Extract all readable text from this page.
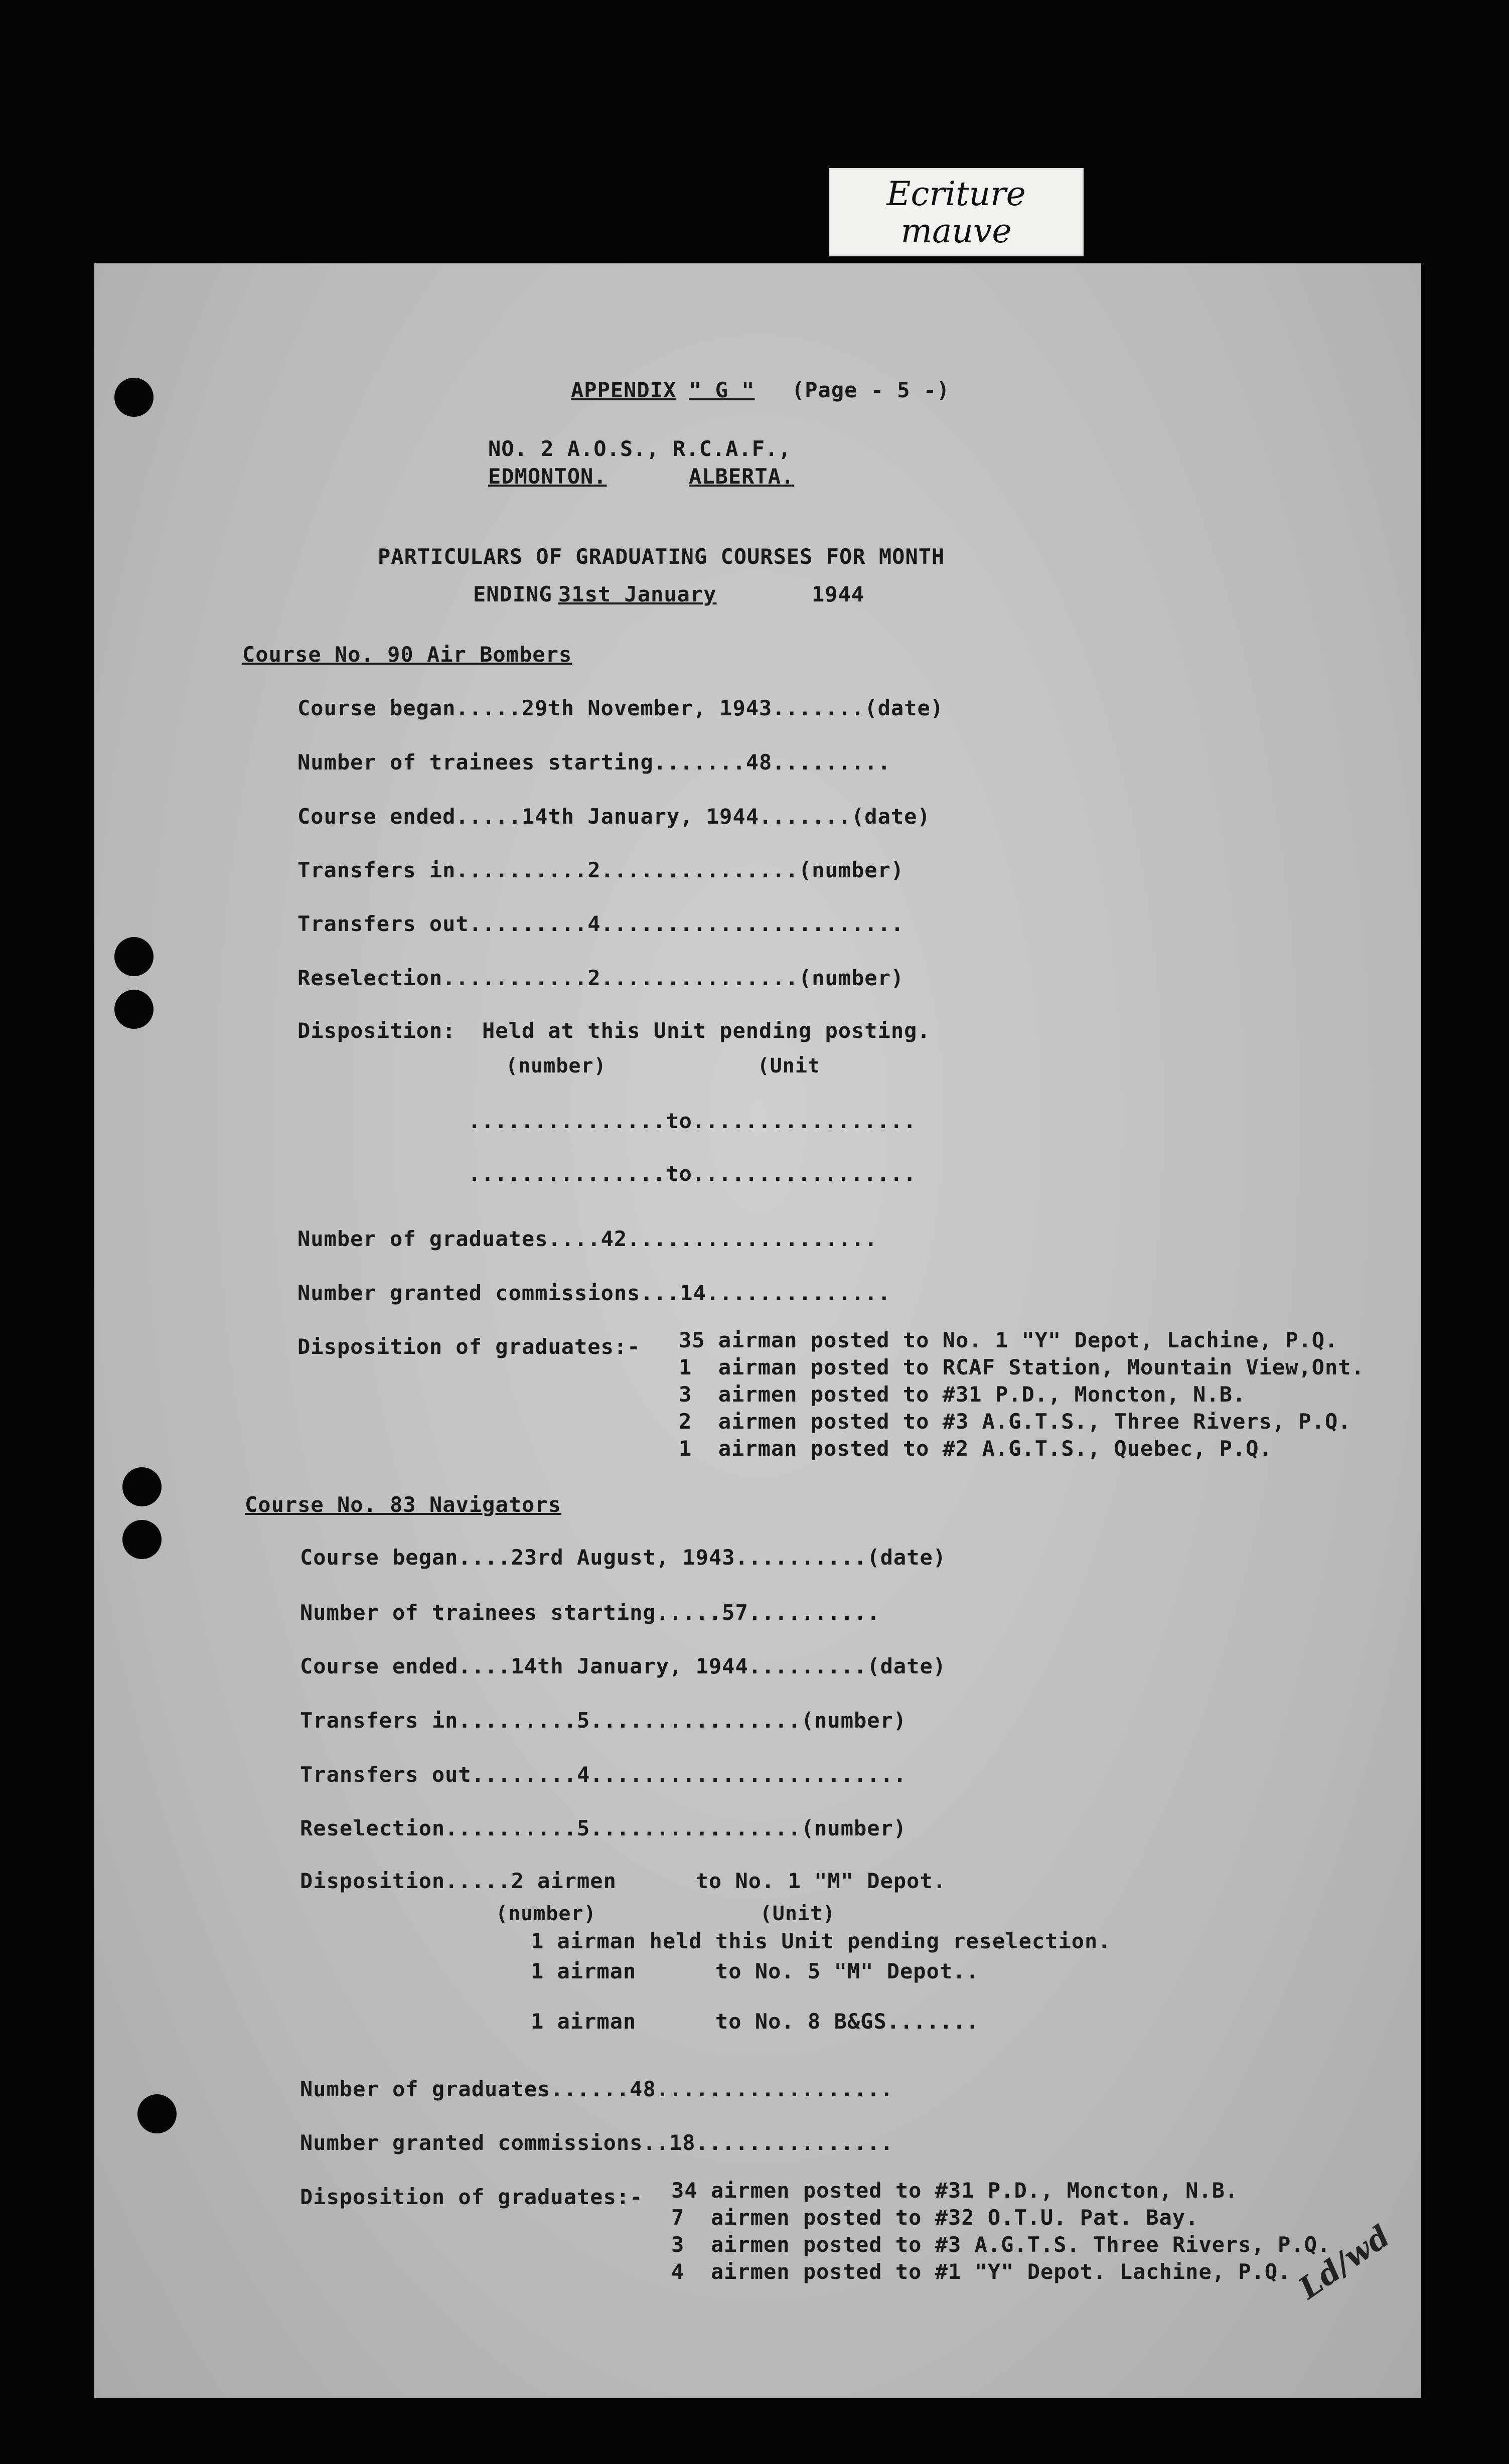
Ecriture
mauve
APPENDIX " G " (Page - 5 -)
NO. 2 A.O.S., R.C.A.F.,
EDMONTON.	ALBERTA.
PARTICULARS OF GRADUATING COURSES FOR MONTH
ENDING 31st January	1944
Course No. 90 Air Bombers
Course began.....29th November, 1943.......(date)
Number of trainees starting.......48.........
Course ended.....14th January, 1944.......(date)
Transfers in..........2...............(number)
Transfers out.........4.......................
Reselection...........2...............(number)
Disposition:  Held at this Unit pending posting.
(number)            (Unit
...............to.................
...............to.................
Number of graduates....42...................
Number granted commissions...14..............
Disposition of graduates:- 35 airman posted to No. 1 "Y" Depot, Lachine, P.Q.
1  airman posted to RCAF Station, Mountain View,Ont.
3  airmen posted to #31 P.D., Moncton, N.B.
2  airmen posted to #3 A.G.T.S., Three Rivers, P.Q.
1  airman posted to #2 A.G.T.S., Quebec, P.Q.
Course No. 83 Navigators
Course began....23rd August, 1943..........(date)
Number of trainees starting.....57..........
Course ended....14th January, 1944.........(date)
Transfers in.........5................(number)
Transfers out........4........................
Reselection..........5................(number)
Disposition.....2 airmen      to No. 1 "M" Depot.
(number)             (Unit)
1 airman held this Unit pending reselection.
1 airman      to No. 5 "M" Depot..
1 airman      to No. 8 B&GS.......
Number of graduates......48..................
Number granted commissions..18...............
Disposition of graduates:- 34 airmen posted to #31 P.D., Moncton, N.B.
7  airmen posted to #32 O.T.U. Pat. Bay.
3  airmen posted to #3 A.G.T.S. Three Rivers, P.Q.
4  airmen posted to #1 "Y" Depot. Lachine, P.Q. Ld/wd
